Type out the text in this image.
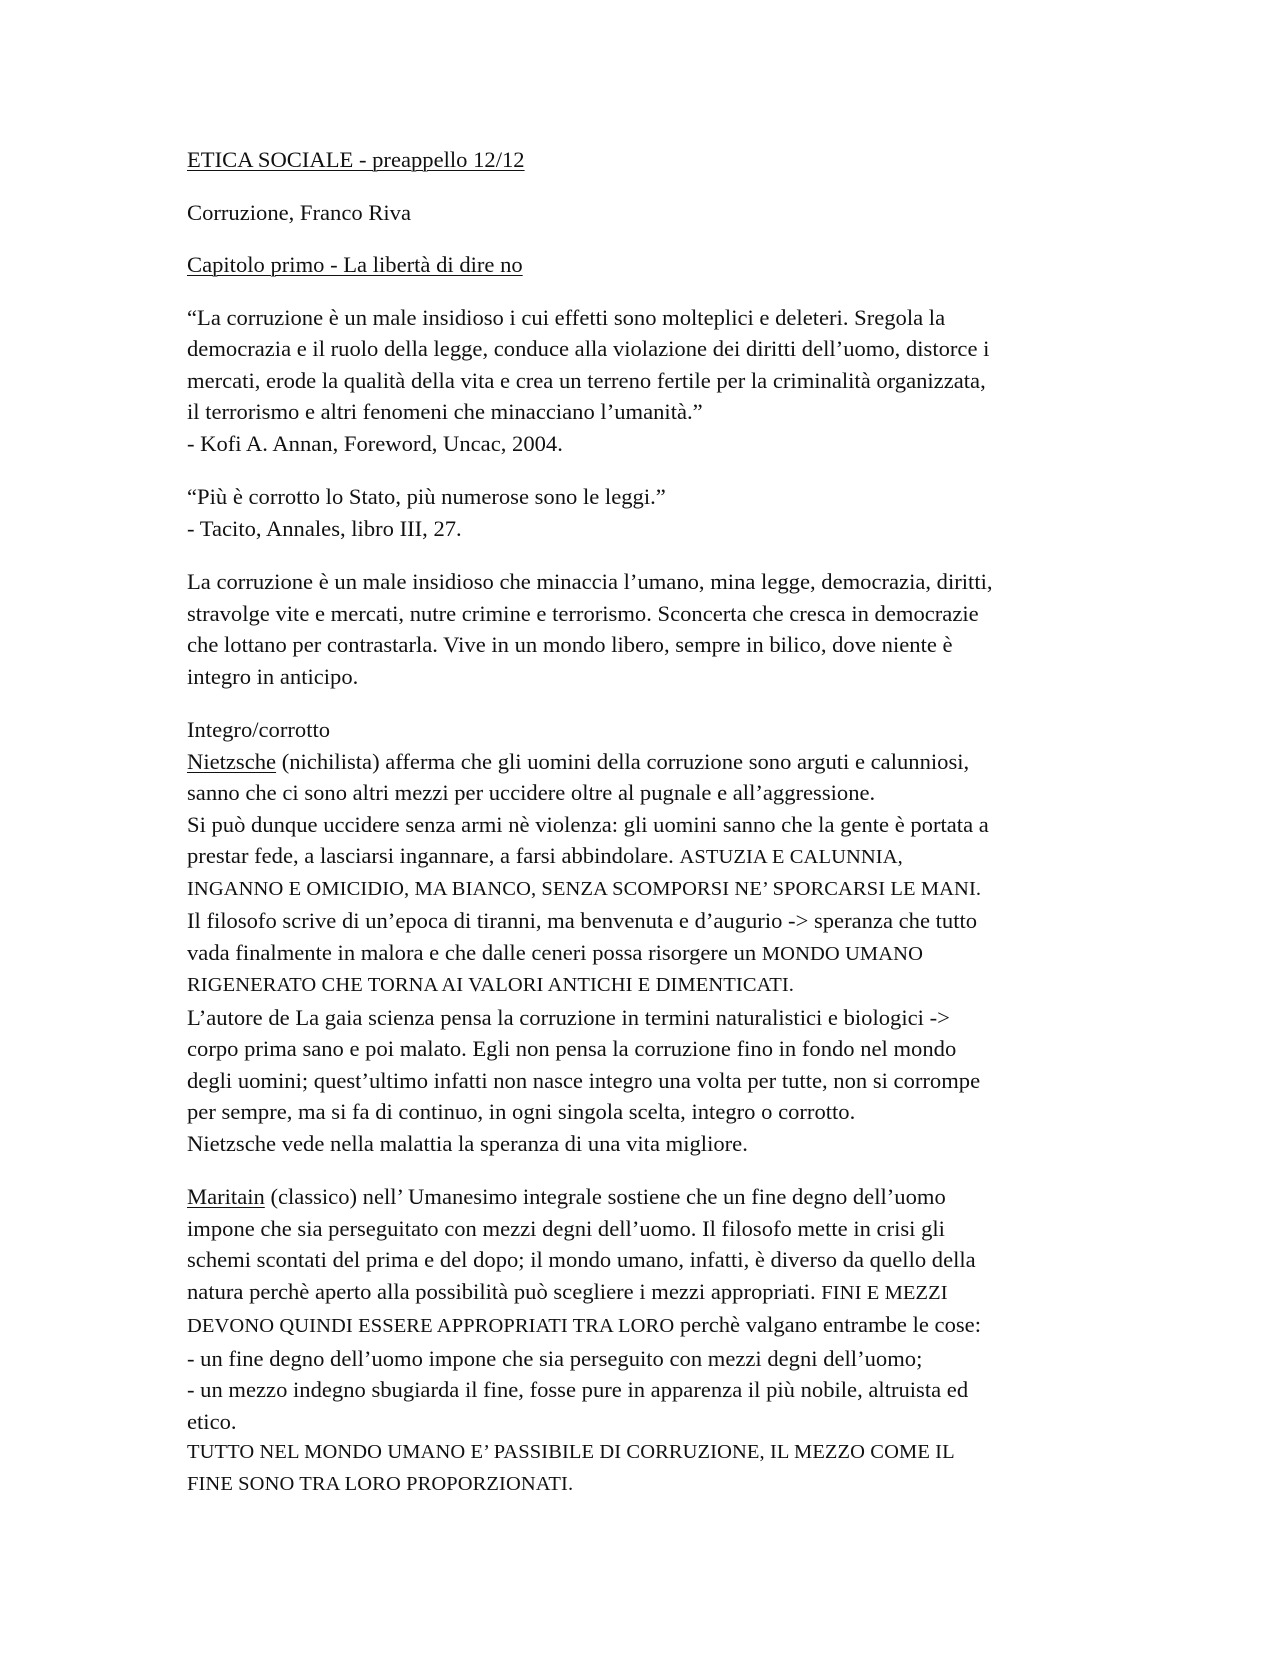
ETICA SOCIALE - preappello 12/12
Corruzione, Franco Riva
Capitolo primo - La libertà di dire no
“La corruzione è un male insidioso i cui effetti sono molteplici e deleteri. Sregola la
democrazia e il ruolo della legge, conduce alla violazione dei diritti dell’uomo, distorce i
mercati, erode la qualità della vita e crea un terreno fertile per la criminalità organizzata,
il terrorismo e altri fenomeni che minacciano l’umanità.”
- Kofi A. Annan, Foreword, Uncac, 2004.
“Più è corrotto lo Stato, più numerose sono le leggi.”
- Tacito, Annales, libro III, 27.
La corruzione è un male insidioso che minaccia l’umano, mina legge, democrazia, diritti,
stravolge vite e mercati, nutre crimine e terrorismo. Sconcerta che cresca in democrazie
che lottano per contrastarla. Vive in un mondo libero, sempre in bilico, dove niente è
integro in anticipo.
Integro/corrotto
Nietzsche (nichilista) afferma che gli uomini della corruzione sono arguti e calunniosi,
sanno che ci sono altri mezzi per uccidere oltre al pugnale e all’aggressione.
Si può dunque uccidere senza armi nè violenza: gli uomini sanno che la gente è portata a
prestar fede, a lasciarsi ingannare, a farsi abbindolare. ASTUZIA E CALUNNIA,
INGANNO E OMICIDIO, MA BIANCO, SENZA SCOMPORSI NE’ SPORCARSI LE MANI.
Il filosofo scrive di un’epoca di tiranni, ma benvenuta e d’augurio -> speranza che tutto
vada finalmente in malora e che dalle ceneri possa risorgere un MONDO UMANO
RIGENERATO CHE TORNA AI VALORI ANTICHI E DIMENTICATI.
L’autore de La gaia scienza pensa la corruzione in termini naturalistici e biologici ->
corpo prima sano e poi malato. Egli non pensa la corruzione fino in fondo nel mondo
degli uomini; quest’ultimo infatti non nasce integro una volta per tutte, non si corrompe
per sempre, ma si fa di continuo, in ogni singola scelta, integro o corrotto.
Nietzsche vede nella malattia la speranza di una vita migliore.
Maritain (classico) nell’ Umanesimo integrale sostiene che un fine degno dell’uomo
impone che sia perseguitato con mezzi degni dell’uomo. Il filosofo mette in crisi gli
schemi scontati del prima e del dopo; il mondo umano, infatti, è diverso da quello della
natura perchè aperto alla possibilità può scegliere i mezzi appropriati. FINI E MEZZI
DEVONO QUINDI ESSERE APPROPRIATI TRA LORO perchè valgano entrambe le cose:
- un fine degno dell’uomo impone che sia perseguito con mezzi degni dell’uomo;
- un mezzo indegno sbugiarda il fine, fosse pure in apparenza il più nobile, altruista ed
etico.
TUTTO NEL MONDO UMANO E’ PASSIBILE DI CORRUZIONE, IL MEZZO COME IL
FINE SONO TRA LORO PROPORZIONATI.
